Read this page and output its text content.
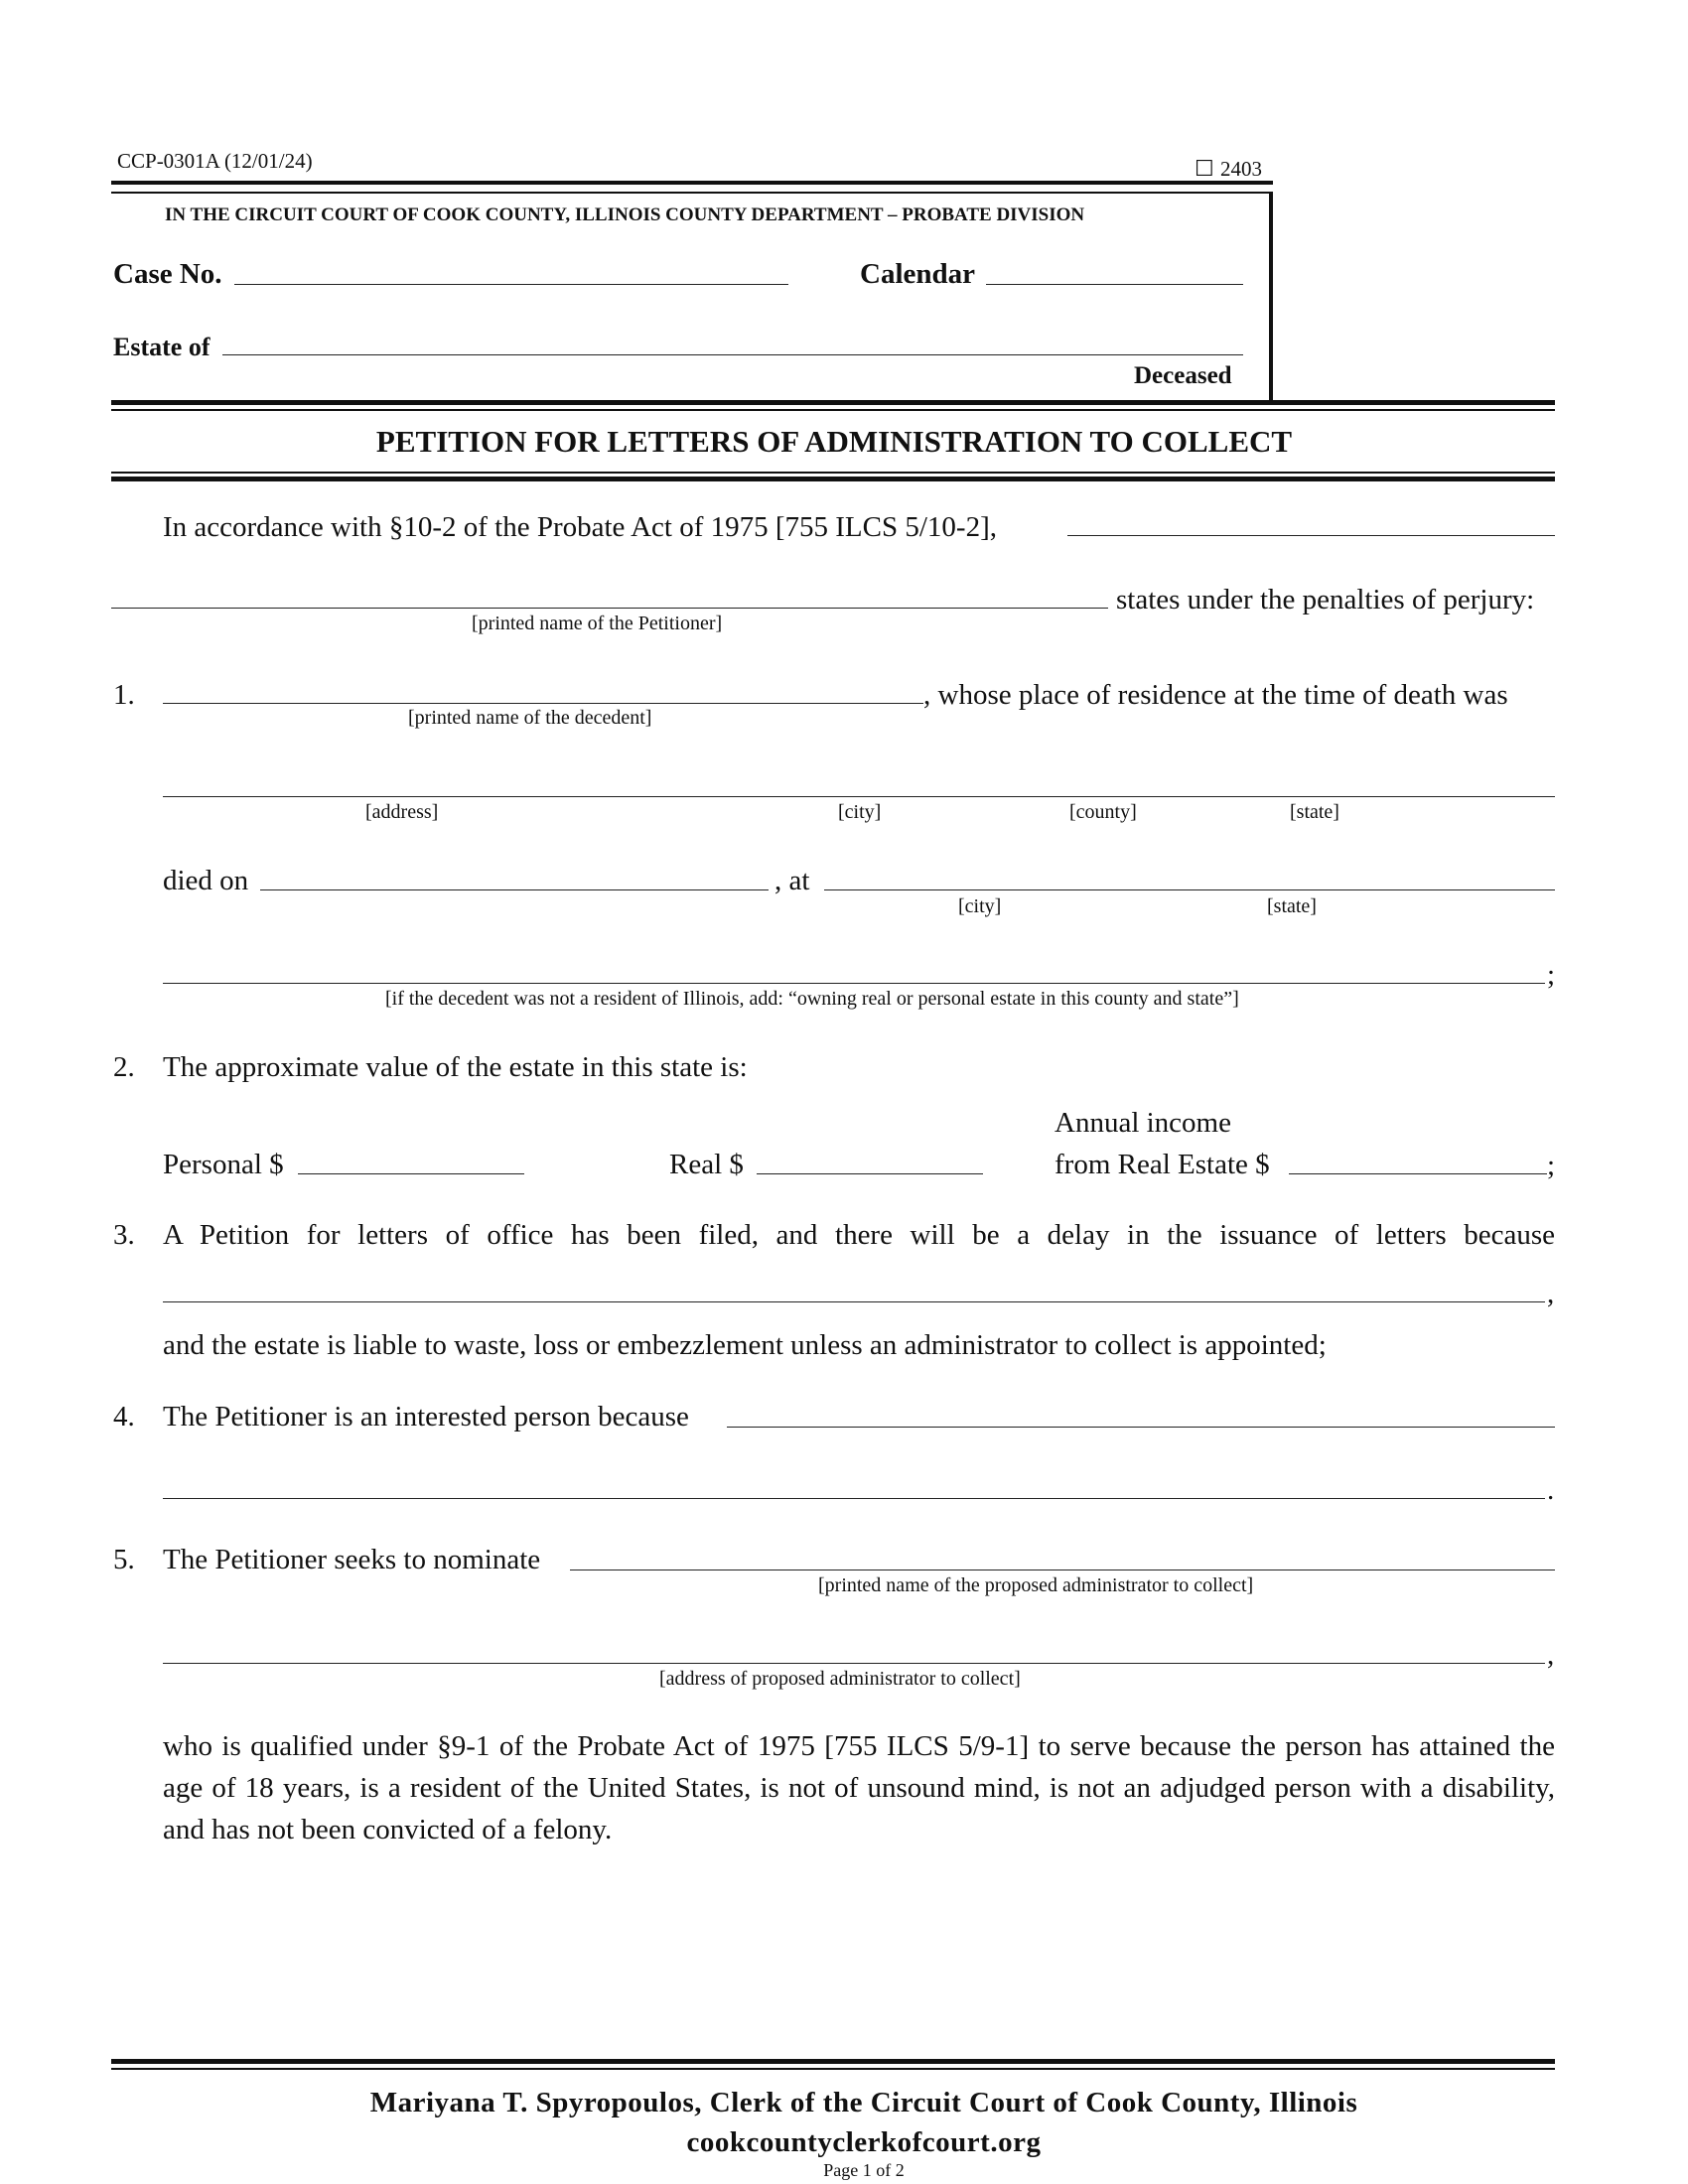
CCP-0301A (12/01/24)	☐ 2403
IN THE CIRCUIT COURT OF COOK COUNTY, ILLINOIS COUNTY DEPARTMENT – PROBATE DIVISION
Case No.	Calendar
Estate of
Deceased
PETITION FOR LETTERS OF ADMINISTRATION TO COLLECT
In accordance with §10-2 of the Probate Act of 1975 [755 ILCS 5/10-2],
states under the penalties of perjury:
[printed name of the Petitioner]
1.	, whose place of residence at the time of death was
[printed name of the decedent]
[address]	[city]	[county]	[state]
died on	, at
[city]	[state]
;
[if the decedent was not a resident of Illinois, add: “owning real or personal estate in this county and state”]
2. The approximate value of the estate in this state is:
Annual income
Personal $	Real $	from Real Estate $	;
3. A Petition for letters of office has been filed, and there will be a delay in the issuance of letters because
,
and the estate is liable to waste, loss or embezzlement unless an administrator to collect is appointed;
4. The Petitioner is an interested person because
.
5. The Petitioner seeks to nominate
[printed name of the proposed administrator to collect]
,
[address of proposed administrator to collect]
who is qualified under §9-1 of the Probate Act of 1975 [755 ILCS 5/9-1] to serve because the person has attained the
age of 18 years, is a resident of the United States, is not of unsound mind, is not an adjudged person with a disability,
and has not been convicted of a felony.
Mariyana T. Spyropoulos, Clerk of the Circuit Court of Cook County, Illinois
cookcountyclerkofcourt.org
Page 1 of 2
